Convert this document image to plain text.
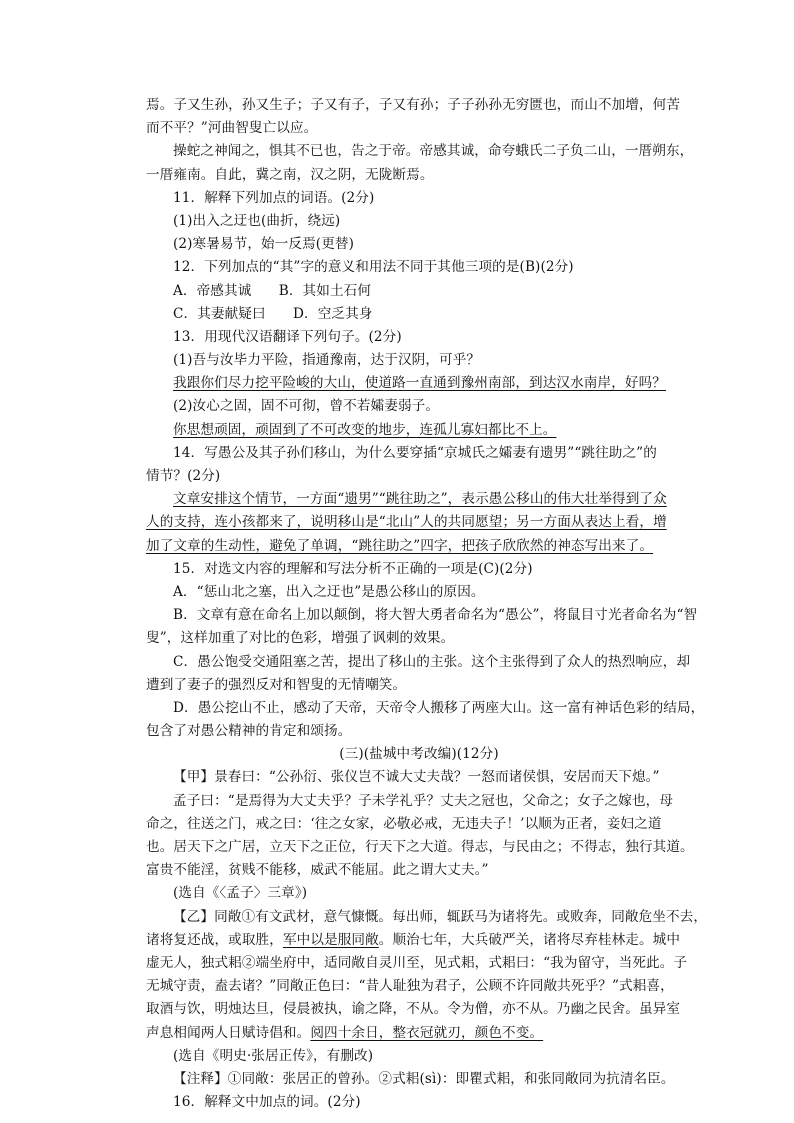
焉。子又生孙，孙又生子；子又有子，子又有孙；子子孙孙无穷匮也，而山不加增，何苦
而不平？”河曲智叟亡以应。
操蛇之神闻之，惧其不已也，告之于帝。帝感其诚，命夸蛾氏二子负二山，一厝朔东，
一厝雍南。自此，冀之南，汉之阴，无陇断焉。
11．解释下列加点的词语。(2分)
(1)出入之迂也(曲折，绕远)
(2)寒暑易节，始一反焉(更替)
12．下列加点的“其”字的意义和用法不同于其他三项的是(B)(2分)
A．帝感其诚　　B．其如土石何
C．其妻献疑曰　　D．空乏其身
13．用现代汉语翻译下列句子。(2分)
(1)吾与汝毕力平险，指通豫南，达于汉阴，可乎？
我跟你们尽力挖平险峻的大山，使道路一直通到豫州南部，到达汉水南岸，好吗？
(2)汝心之固，固不可彻，曾不若孀妻弱子。
你思想顽固，顽固到了不可改变的地步，连孤儿寡妇都比不上。
14．写愚公及其子孙们移山，为什么要穿插“京城氏之孀妻有遗男”“跳往助之”的
情节？(2分)
文章安排这个情节，一方面“遗男”“跳往助之”，表示愚公移山的伟大壮举得到了众
人的支持，连小孩都来了，说明移山是“北山”人的共同愿望；另一方面从表达上看，增
加了文章的生动性，避免了单调，“跳往助之”四字，把孩子欣欣然的神态写出来了。
15．对选文内容的理解和写法分析不正确的一项是(C)(2分)
A．“惩山北之塞，出入之迂也”是愚公移山的原因。
B．文章有意在命名上加以颠倒，将大智大勇者命名为“愚公”，将鼠目寸光者命名为“智
叟”，这样加重了对比的色彩，增强了讽刺的效果。
C．愚公饱受交通阻塞之苦，提出了移山的主张。这个主张得到了众人的热烈响应，却
遭到了妻子的强烈反对和智叟的无情嘲笑。
D．愚公挖山不止，感动了天帝，天帝令人搬移了两座大山。这一富有神话色彩的结局，
包含了对愚公精神的肯定和颂扬。
(三)(盐城中考改编)(12分)
【甲】景春曰：“公孙衍、张仪岂不诚大丈夫哉？一怒而诸侯惧，安居而天下熄。”
孟子曰：“是焉得为大丈夫乎？子未学礼乎？丈夫之冠也，父命之；女子之嫁也，母
命之，往送之门，戒之曰：‘往之女家，必敬必戒，无违夫子！’以顺为正者，妾妇之道
也。居天下之广居，立天下之正位，行天下之大道。得志，与民由之；不得志，独行其道。
富贵不能淫，贫贱不能移，威武不能屈。此之谓大丈夫。”
(选自《〈孟子〉三章》)
【乙】同敞①有文武材，意气慷慨。每出师，辄跃马为诸将先。或败奔，同敞危坐不去，
诸将复还战，或取胜，军中以是服同敞。顺治七年，大兵破严关，诸将尽弃桂林走。城中
虚无人，独式耜②端坐府中，适同敞自灵川至，见式耜，式耜曰：“我为留守，当死此。子
无城守责，盍去诸？”同敞正色曰：“昔人耻独为君子，公顾不许同敞共死乎？”式耜喜，
取酒与饮，明烛达旦，侵晨被执，谕之降，不从。令为僧，亦不从。乃幽之民舍。虽异室
声息相闻两人日赋诗倡和。阅四十余日，整衣冠就刃，颜色不变。
(选自《明史·张居正传》，有删改)
【注释】①同敞：张居正的曾孙。②式耜(sì)：即瞿式耜，和张同敞同为抗清名臣。
16．解释文中加点的词。(2分)
